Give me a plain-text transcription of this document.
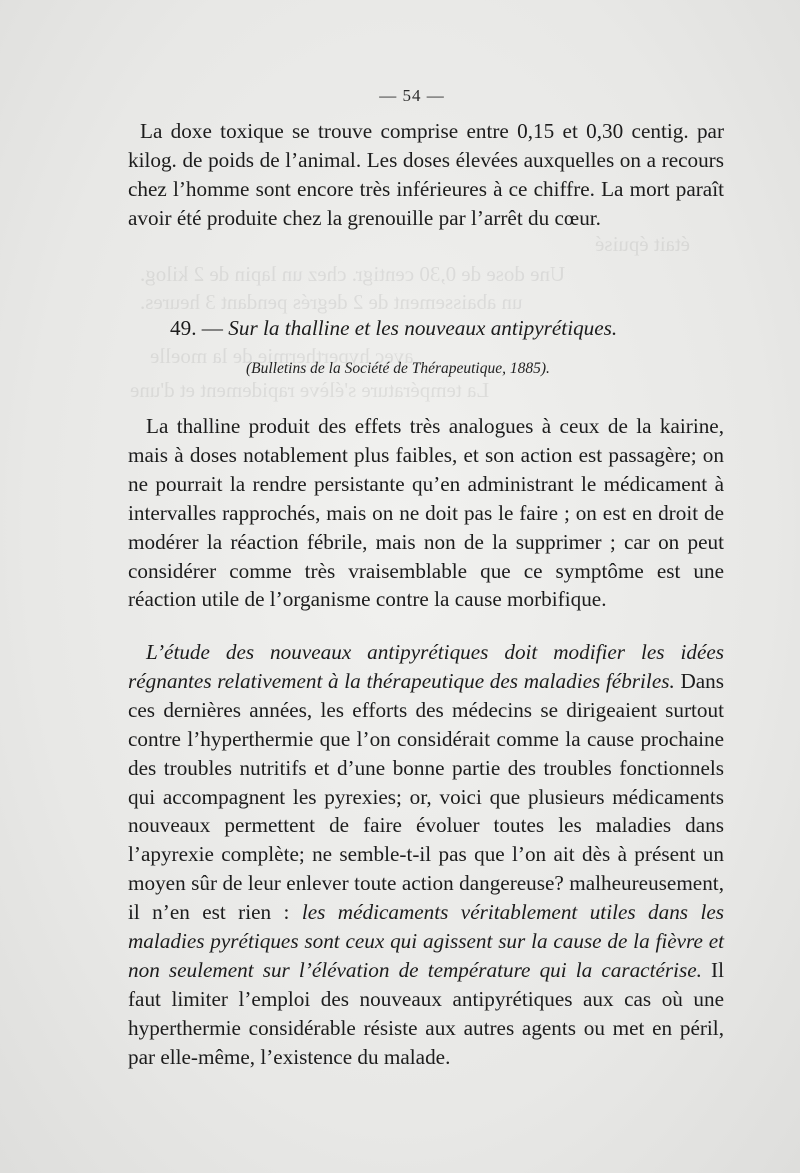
était épuisé
Une dose de 0,30 centigr. chez un lapin de 2 kilog.
un abaissement de 2 degrés pendant 3 heures.
avec hyperthermie de la moelle
La température s'élève rapidement et d'une
— 54 —

La doxe toxique se trouve comprise entre 0,15 et 0,30 centig. par kilog. de poids de l’animal. Les doses élevées auxquelles on a recours chez l’homme sont encore très inférieures à ce chiffre. La mort paraît avoir été produite chez la grenouille par l’arrêt du cœur.

49. — Sur la thalline et les nouveaux antipyrétiques.
(Bulletins de la Société de Thérapeutique, 1885).

La thalline produit des effets très analogues à ceux de la kairine, mais à doses notablement plus faibles, et son action est passagère; on ne pourrait la rendre persistante qu’en administrant le médicament à intervalles rapprochés, mais on ne doit pas le faire ; on est en droit de modérer la réaction fébrile, mais non de la supprimer ; car on peut considérer comme très vraisemblable que ce symptôme est une réaction utile de l’organisme contre la cause morbifique.

L’étude des nouveaux antipyrétiques doit modifier les idées régnantes relativement à la thérapeutique des maladies fébriles. Dans ces dernières années, les efforts des médecins se dirigeaient surtout contre l’hyperthermie que l’on considérait comme la cause prochaine des troubles nutritifs et d’une bonne partie des troubles fonctionnels qui accompagnent les pyrexies; or, voici que plusieurs médicaments nouveaux permettent de faire évoluer toutes les maladies dans l’apyrexie complète; ne semble-t-il pas que l’on ait dès à présent un moyen sûr de leur enlever toute action dangereuse? malheureusement, il n’en est rien : les médicaments véritablement utiles dans les maladies pyrétiques sont ceux qui agissent sur la cause de la fièvre et non seulement sur l’élévation de température qui la caractérise. Il faut limiter l’emploi des nouveaux antipyrétiques aux cas où une hyperthermie considérable résiste aux autres agents ou met en péril, par elle-même, l’existence du malade.
